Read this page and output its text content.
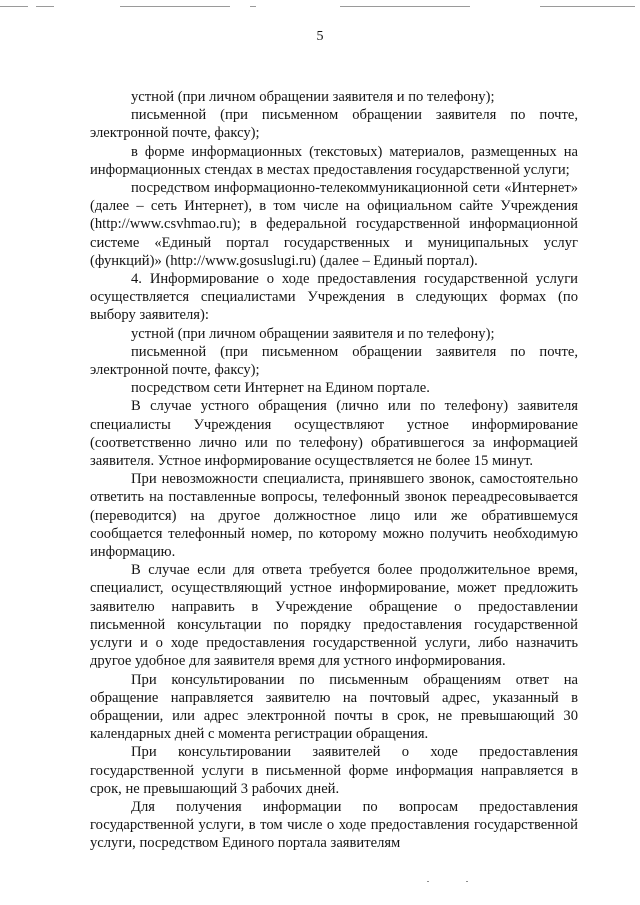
5

устной (при личном обращении заявителя и по телефону);

письменной (при письменном обращении заявителя по почте, электронной почте, факсу);

в форме информационных (текстовых) материалов, размещенных на информационных стендах в местах предоставления государственной услуги;

посредством информационно-телекоммуникационной сети «Интернет» (далее – сеть Интернет), в том числе на официальном сайте Учреждения (http://www.csvhmao.ru); в федеральной государственной информационной системе «Единый портал государственных и муниципальных услуг (функций)» (http://www.gosuslugi.ru) (далее – Единый портал).

4. Информирование о ходе предоставления государственной услуги осуществляется специалистами Учреждения в следующих формах (по выбору заявителя):

устной (при личном обращении заявителя и по телефону);

письменной (при письменном обращении заявителя по почте, электронной почте, факсу);

посредством сети Интернет на Едином портале.

В случае устного обращения (лично или по телефону) заявителя специалисты Учреждения осуществляют устное информирование (соответственно лично или по телефону) обратившегося за информацией заявителя. Устное информирование осуществляется не более 15 минут.

При невозможности специалиста, принявшего звонок, самостоятельно ответить на поставленные вопросы, телефонный звонок переадресовывается (переводится) на другое должностное лицо или же обратившемуся сообщается телефонный номер, по которому можно получить необходимую информацию.

В случае если для ответа требуется более продолжительное время, специалист, осуществляющий устное информирование, может предложить заявителю направить в Учреждение обращение о предоставлении письменной консультации по порядку предоставления государственной услуги и о ходе предоставления государственной услуги, либо назначить другое удобное для заявителя время для устного информирования.

При консультировании по письменным обращениям ответ на обращение направляется заявителю на почтовый адрес, указанный в обращении, или адрес электронной почты в срок, не превышающий 30 календарных дней с момента регистрации обращения.

При консультировании заявителей о ходе предоставления государственной услуги в письменной форме информация направляется в срок, не превышающий 3 рабочих дней.

Для получения информации по вопросам предоставления государственной услуги, в том числе о ходе предоставления государственной услуги, посредством Единого портала заявителям
